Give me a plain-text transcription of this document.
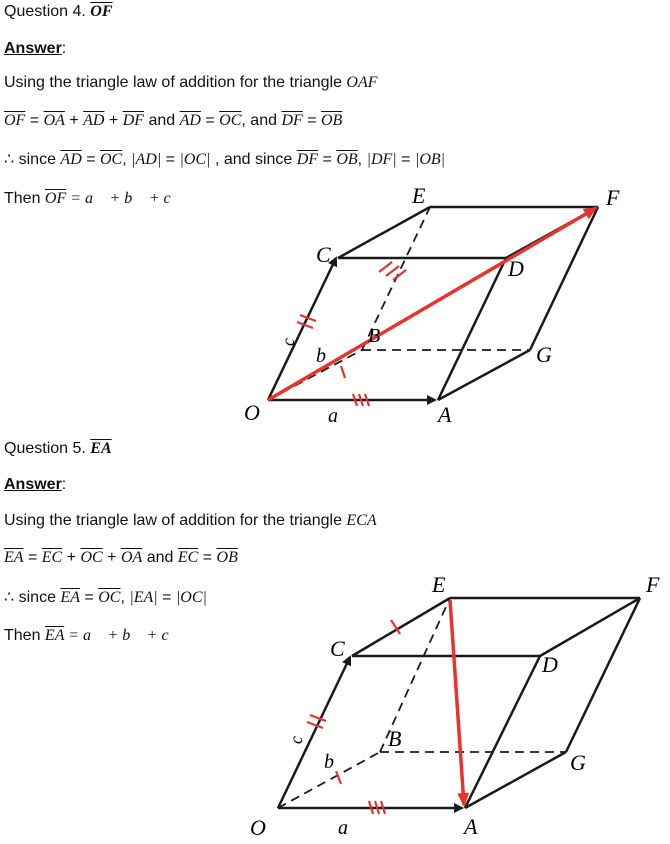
Question 4. $\overline{OF}$
Answer:
Using the triangle law of addition for the triangle OAF
$\overline{OF} = \overline{OA} + \overline{AD} + \overline{DF}$ and $\overline{AD} = \overline{OC}$, and $\overline{DF} = \overline{OB}$
∴ since $\overline{AD} = \overline{OC}$, |AD| = |OC| , and since $\overline{DF} = \overline{OB}$, |DF| = |OB|
Then $\overline{OF}$ = a⃗ + b⃗ + c⃗
O	A
G
D
F
E
C
B
a⃗
b⃗
c⃗
Question 5. $\overline{EA}$
Answer:
Using the triangle law of addition for the triangle ECA
$\overline{EA} = \overline{EC} + \overline{OC} + \overline{OA}$ and $\overline{EC} = \overline{OB}$
∴ since $\overline{EA} = \overline{OC}$, |EA| = |OC|
Then $\overline{EA}$ = a⃗ + b⃗ + c⃗
O	A
G
D
F
E
C
B
a⃗
b⃗
c⃗
